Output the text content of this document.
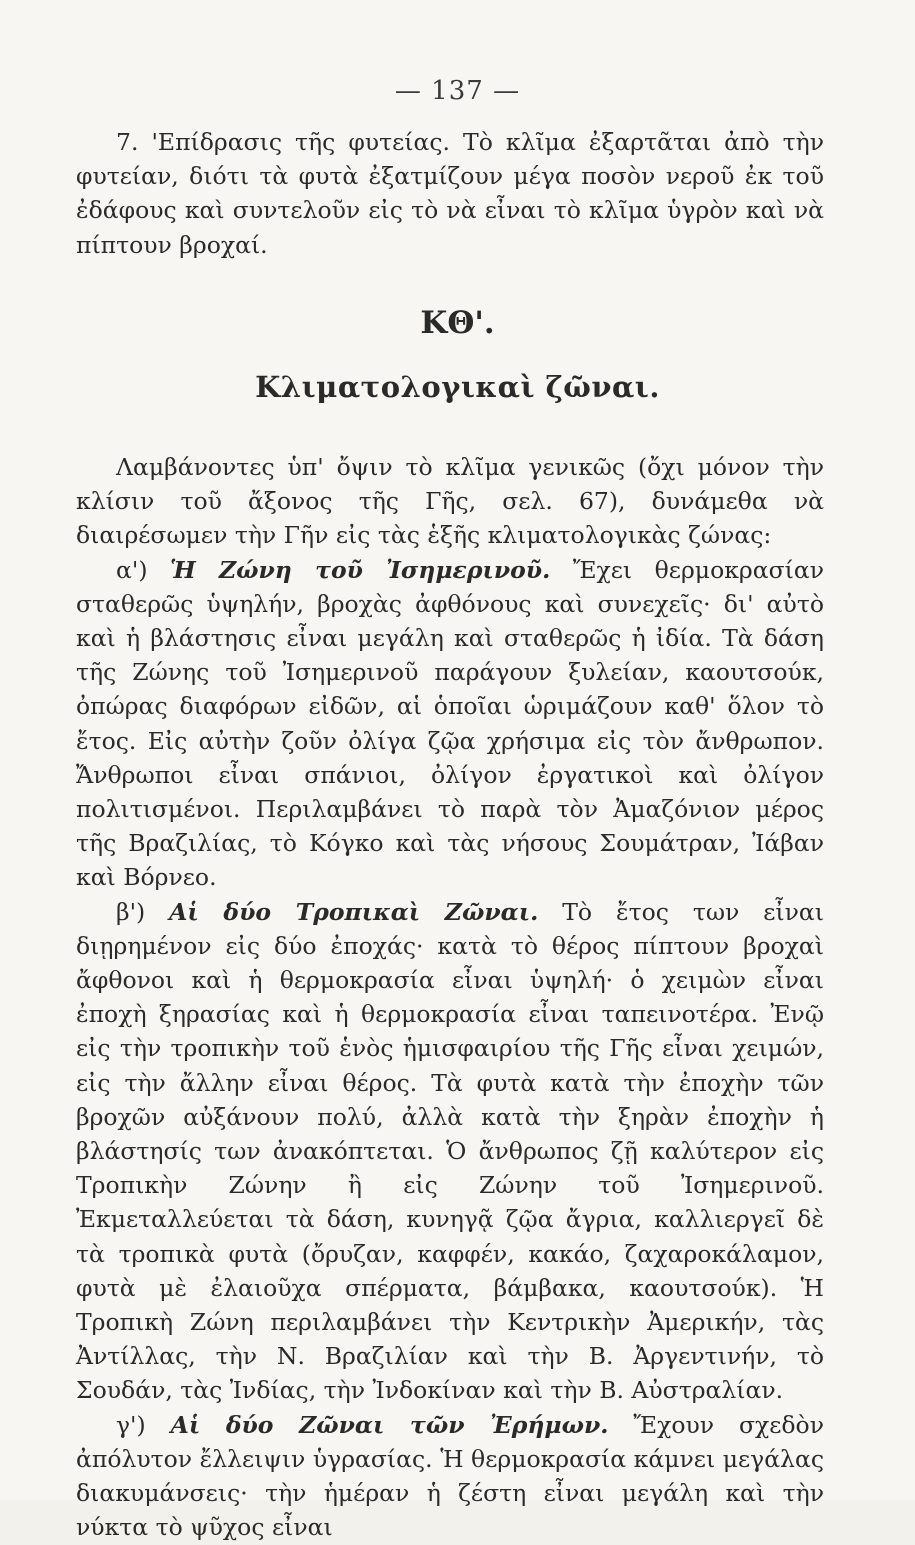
— 137 —

7. 'Επίδρασις τῆς φυτείας. Τὸ κλῖμα ἐξαρτᾶται ἀπὸ τὴν φυτείαν, διότι τὰ φυτὰ ἐξατμίζουν μέγα ποσὸν νεροῦ ἐκ τοῦ ἐδάφους καὶ συντελοῦν εἰς τὸ νὰ εἶναι τὸ κλῖμα ὑγρὸν καὶ νὰ πίπτουν βροχαί.

ΚΘ'.
Κλιματολογικαὶ ζῶναι.

Λαμβάνοντες ὑπ' ὄψιν τὸ κλῖμα γενικῶς (ὄχι μόνον τὴν κλίσιν τοῦ ἄξονος τῆς Γῆς, σελ. 67), δυνάμεθα νὰ διαιρέσωμεν τὴν Γῆν εἰς τὰς ἑξῆς κλιματολογικὰς ζώνας:

α') Ἡ Ζώνη τοῦ Ἰσημερινοῦ. Ἔχει θερμοκρασίαν σταθερῶς ὑψηλήν, βροχὰς ἀφθόνους καὶ συνεχεῖς· δι' αὐτὸ καὶ ἡ βλάστησις εἶναι μεγάλη καὶ σταθερῶς ἡ ἰδία. Τὰ δάση τῆς Ζώνης τοῦ Ἰσημερινοῦ παράγουν ξυλείαν, καουτσούκ, ὀπώρας διαφόρων εἰδῶν, αἱ ὁποῖαι ὡριμάζουν καθ' ὅλον τὸ ἔτος. Εἰς αὐτὴν ζοῦν ὀλίγα ζῷα χρήσιμα εἰς τὸν ἄνθρωπον. Ἄνθρωποι εἶναι σπάνιοι, ὀλίγον ἐργατικοὶ καὶ ὀλίγον πολιτισμένοι. Περιλαμβάνει τὸ παρὰ τὸν Ἀμαζόνιον μέρος τῆς Βραζιλίας, τὸ Κόγκο καὶ τὰς νήσους Σουμάτραν, Ἰάβαν καὶ Βόρνεο.

β') Αἱ δύο Τροπικαὶ Ζῶναι. Τὸ ἔτος των εἶναι διῃρημένον εἰς δύο ἐποχάς· κατὰ τὸ θέρος πίπτουν βροχαὶ ἄφθονοι καὶ ἡ θερμοκρασία εἶναι ὑψηλή· ὁ χειμὼν εἶναι ἐποχὴ ξηρασίας καὶ ἡ θερμοκρασία εἶναι ταπεινοτέρα. Ἐνῷ εἰς τὴν τροπικὴν τοῦ ἑνὸς ἡμισφαιρίου τῆς Γῆς εἶναι χειμών, εἰς τὴν ἄλλην εἶναι θέρος. Τὰ φυτὰ κατὰ τὴν ἐποχὴν τῶν βροχῶν αὐξάνουν πολύ, ἀλλὰ κατὰ τὴν ξηρὰν ἐποχὴν ἡ βλάστησίς των ἀνακόπτεται. Ὁ ἄνθρωπος ζῇ καλύτερον εἰς Τροπικὴν Ζώνην ἢ εἰς Ζώνην τοῦ Ἰσημερινοῦ. Ἐκμεταλλεύεται τὰ δάση, κυνηγᾷ ζῷα ἄγρια, καλλιεργεῖ δὲ τὰ τροπικὰ φυτὰ (ὄρυζαν, καφφέν, κακάο, ζαχαροκάλαμον, φυτὰ μὲ ἐλαιοῦχα σπέρματα, βάμβακα, καουτσούκ). Ἡ Τροπικὴ Ζώνη περιλαμβάνει τὴν Κεντρικὴν Ἀμερικήν, τὰς Ἀντίλλας, τὴν Ν. Βραζιλίαν καὶ τὴν Β. Ἀργεντινήν, τὸ Σουδάν, τὰς Ἰνδίας, τὴν Ἰνδοκίναν καὶ τὴν Β. Αὐστραλίαν.

γ') Αἱ δύο Ζῶναι τῶν Ἐρήμων. Ἔχουν σχεδὸν ἀπόλυτον ἔλλειψιν ὑγρασίας. Ἡ θερμοκρασία κάμνει μεγάλας διακυμάνσεις· τὴν ἡμέραν ἡ ζέστη εἶναι μεγάλη καὶ τὴν νύκτα τὸ ψῦχος εἶναι
